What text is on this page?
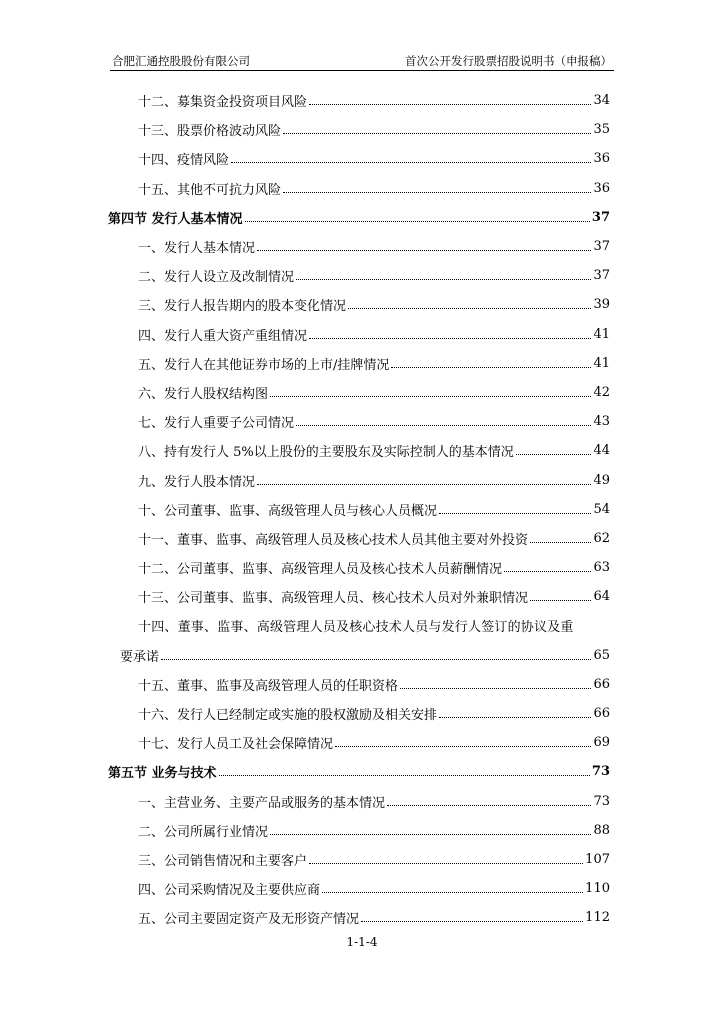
合肥汇通控股股份有限公司	首次公开发行股票招股说明书（申报稿）
十二、募集资金投资项目风险	34
十三、股票价格波动风险	35
十四、疫情风险	36
十五、其他不可抗力风险	36
第四节 发行人基本情况	37
一、发行人基本情况	37
二、发行人设立及改制情况	37
三、发行人报告期内的股本变化情况	39
四、发行人重大资产重组情况	41
五、发行人在其他证券市场的上市/挂牌情况	41
六、发行人股权结构图	42
七、发行人重要子公司情况	43
八、持有发行人 5%以上股份的主要股东及实际控制人的基本情况	44
九、发行人股本情况	49
十、公司董事、监事、高级管理人员与核心人员概况	54
十一、董事、监事、高级管理人员及核心技术人员其他主要对外投资	62
十二、公司董事、监事、高级管理人员及核心技术人员薪酬情况	63
十三、公司董事、监事、高级管理人员、核心技术人员对外兼职情况	64
十四、董事、监事、高级管理人员及核心技术人员与发行人签订的协议及重
要承诺	65
十五、董事、监事及高级管理人员的任职资格	66
十六、发行人已经制定或实施的股权激励及相关安排	66
十七、发行人员工及社会保障情况	69
第五节 业务与技术	73
一、主营业务、主要产品或服务的基本情况	73
二、公司所属行业情况	88
三、公司销售情况和主要客户	107
四、公司采购情况及主要供应商	110
五、公司主要固定资产及无形资产情况	112
1-1-4
